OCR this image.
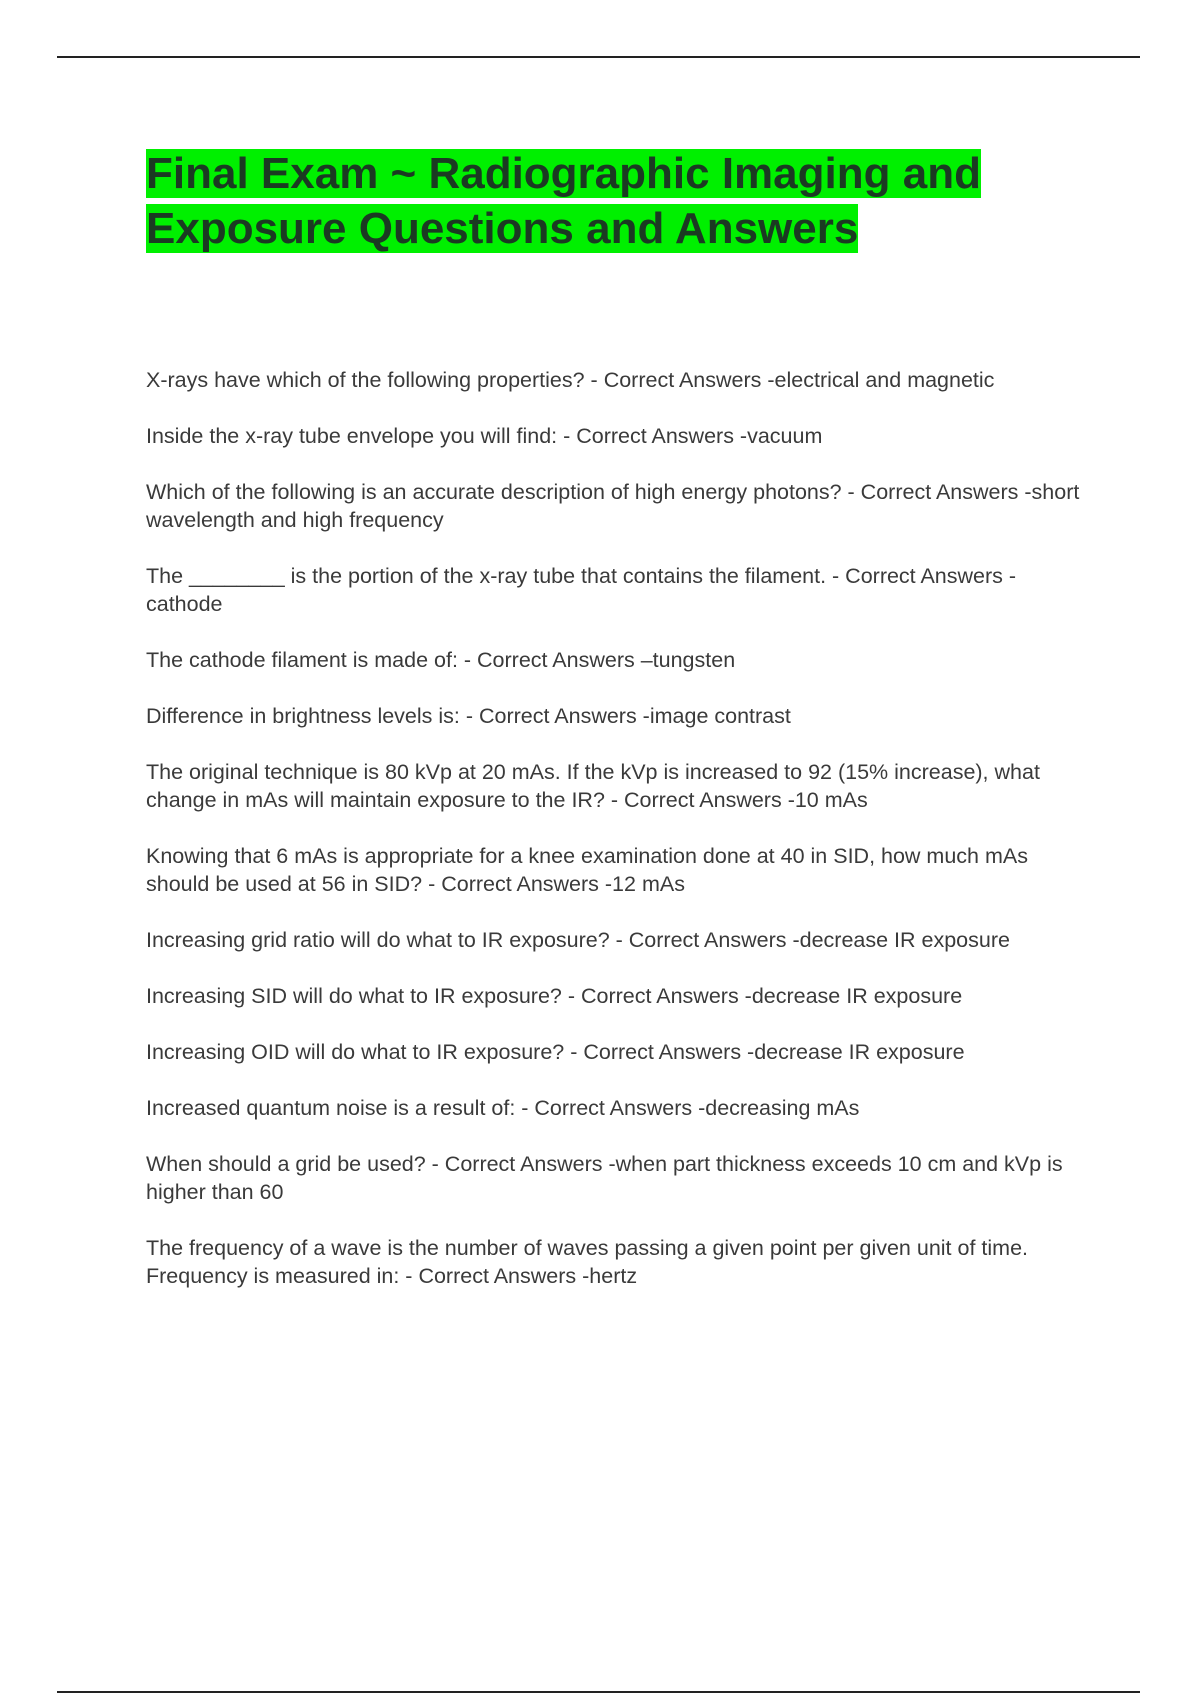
Final Exam ~ Radiographic Imaging and Exposure Questions and Answers

X-rays have which of the following properties? - Correct Answers -electrical and magnetic

Inside the x-ray tube envelope you will find: - Correct Answers -vacuum

Which of the following is an accurate description of high energy photons? - Correct Answers -short wavelength and high frequency

The ________ is the portion of the x-ray tube that contains the filament. - Correct Answers -cathode

The cathode filament is made of: - Correct Answers –tungsten

Difference in brightness levels is: - Correct Answers -image contrast

The original technique is 80 kVp at 20 mAs. If the kVp is increased to 92 (15% increase), what change in mAs will maintain exposure to the IR? - Correct Answers -10 mAs

Knowing that 6 mAs is appropriate for a knee examination done at 40 in SID, how much mAs should be used at 56 in SID? - Correct Answers -12 mAs

Increasing grid ratio will do what to IR exposure? - Correct Answers -decrease IR exposure

Increasing SID will do what to IR exposure? - Correct Answers -decrease IR exposure

Increasing OID will do what to IR exposure? - Correct Answers -decrease IR exposure

Increased quantum noise is a result of: - Correct Answers -decreasing mAs

When should a grid be used? - Correct Answers -when part thickness exceeds 10 cm and kVp is higher than 60

The frequency of a wave is the number of waves passing a given point per given unit of time. Frequency is measured in: - Correct Answers -hertz
